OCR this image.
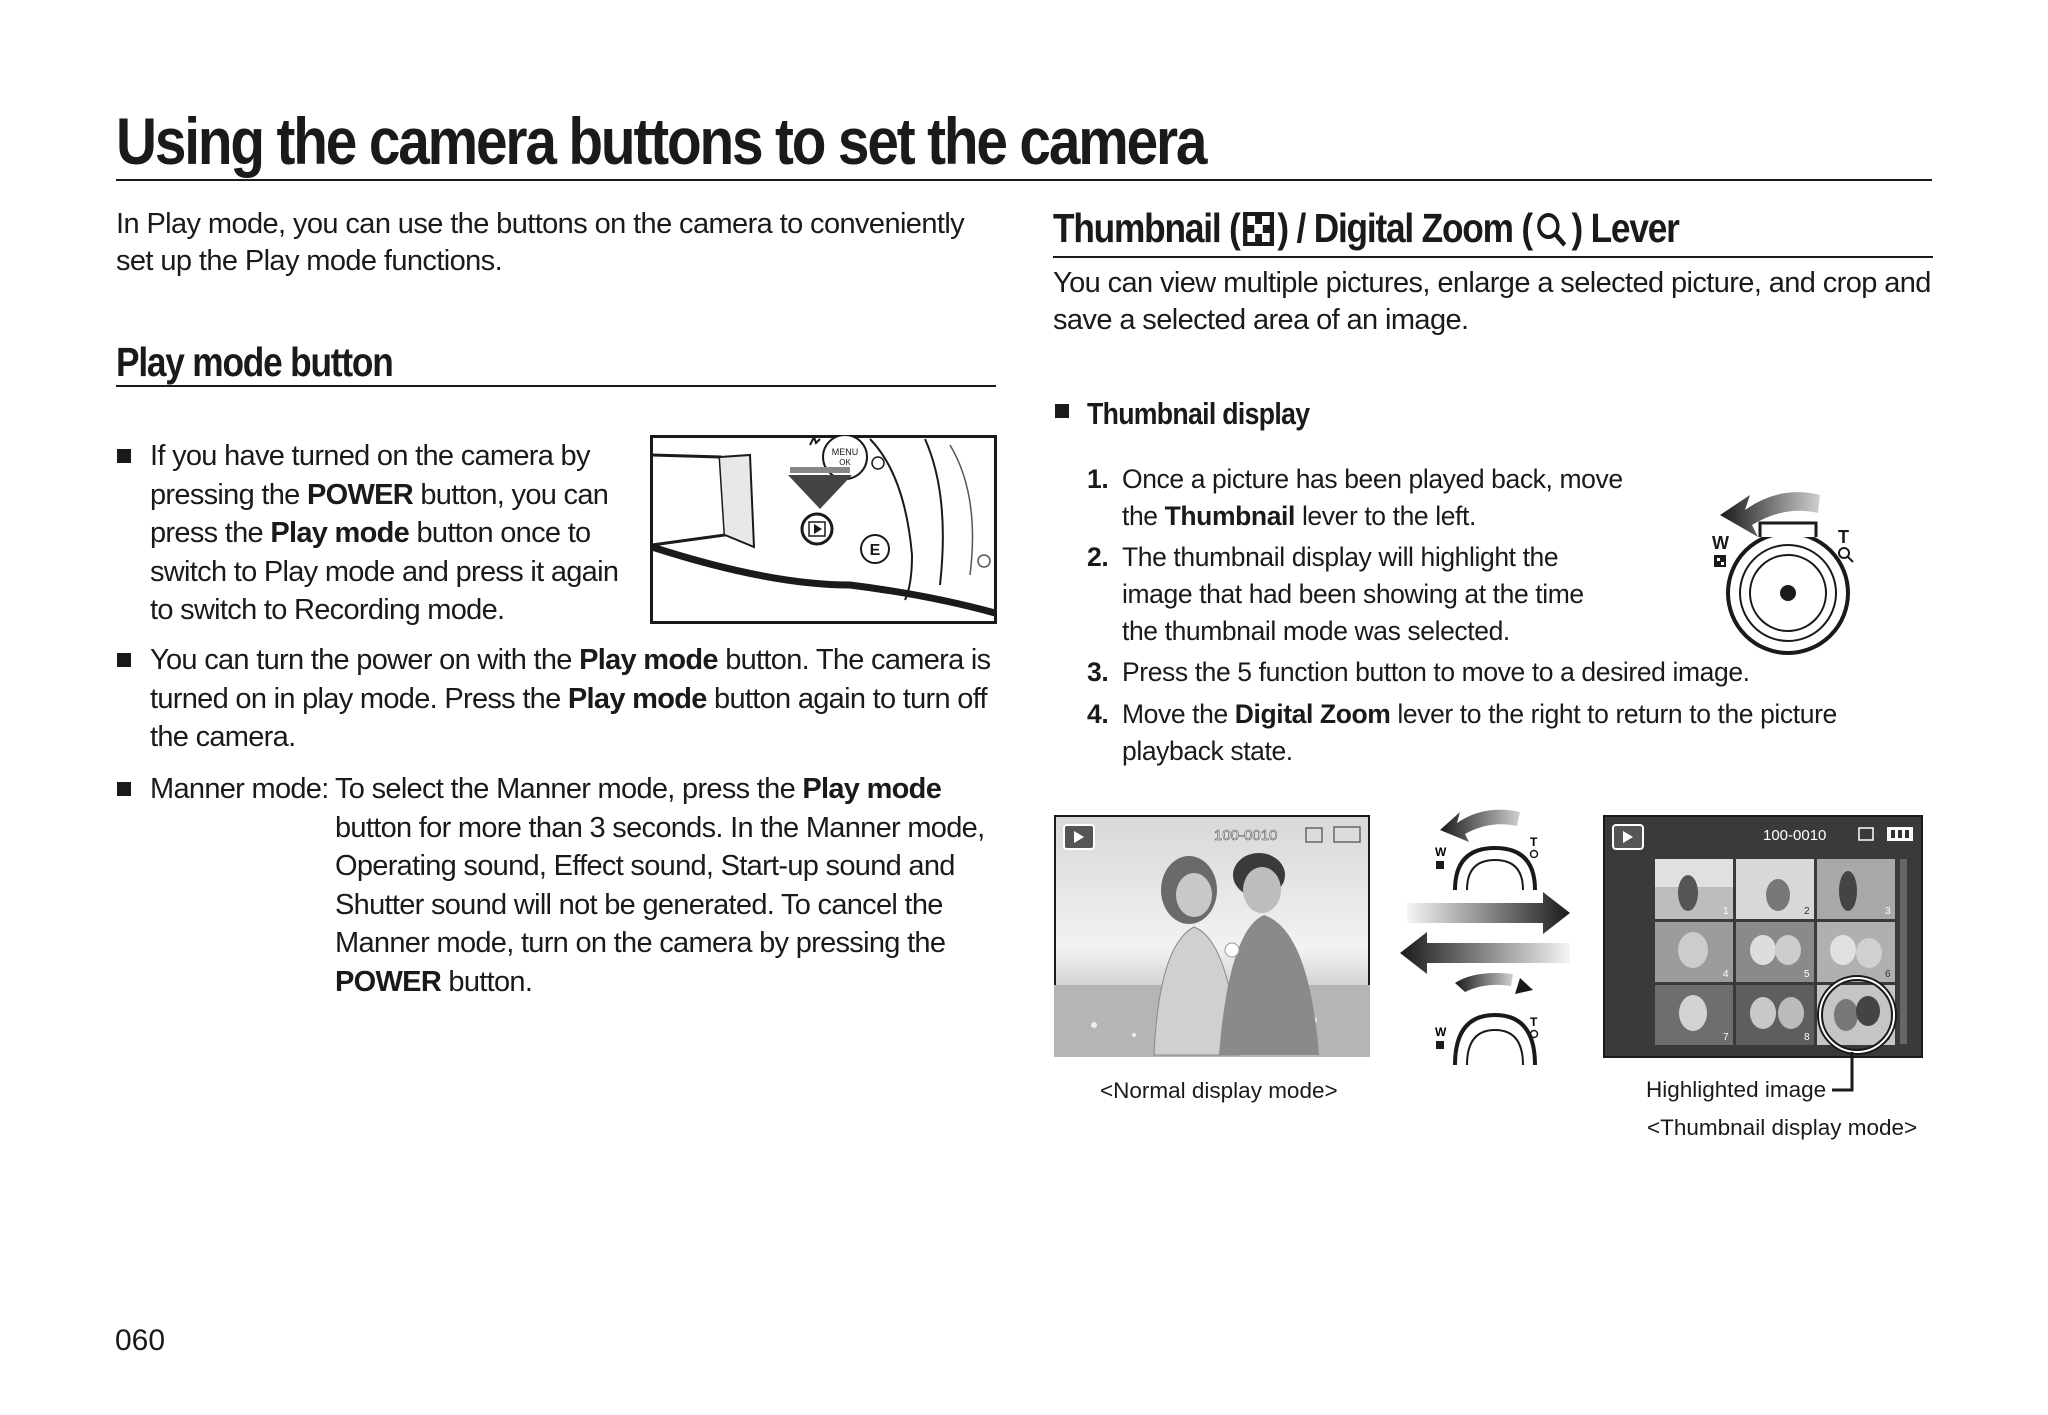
Using the camera buttons to set the camera

In Play mode, you can use the buttons on the camera to conveniently set up the Play mode functions.

Play mode button
If you have turned on the camera by pressing the POWER button, you can press the Play mode button once to switch to Play mode and press it again to switch to Recording mode.
MENU
OK
E
You can turn the power on with the Play mode button. The camera is turned on in play mode. Press the Play mode button again to turn off the camera.
Manner mode: To select the Manner mode, press the Play mode button for more than 3 seconds. In the Manner mode, Operating sound, Effect sound, Start-up sound and Shutter sound will not be generated. To cancel the Manner mode, turn on the camera by pressing the POWER button.
Thumbnail ( ) / Digital Zoom ( ) Lever

You can view multiple pictures, enlarge a selected picture, and crop and save a selected area of an image.

Thumbnail display
1. Once a picture has been played back, move the Thumbnail lever to the left.
2. The thumbnail display will highlight the image that had been showing at the time the thumbnail mode was selected.
3. Press the 5 function button to move to a desired image.
4. Move the Digital Zoom lever to the right to return to the picture playback state.
W	T
100-0010
W
T
W
T
100-0010
1	2	3
4	5	6
7	8	9
<Normal display mode>	Highlighted image
<Thumbnail display mode>
060
